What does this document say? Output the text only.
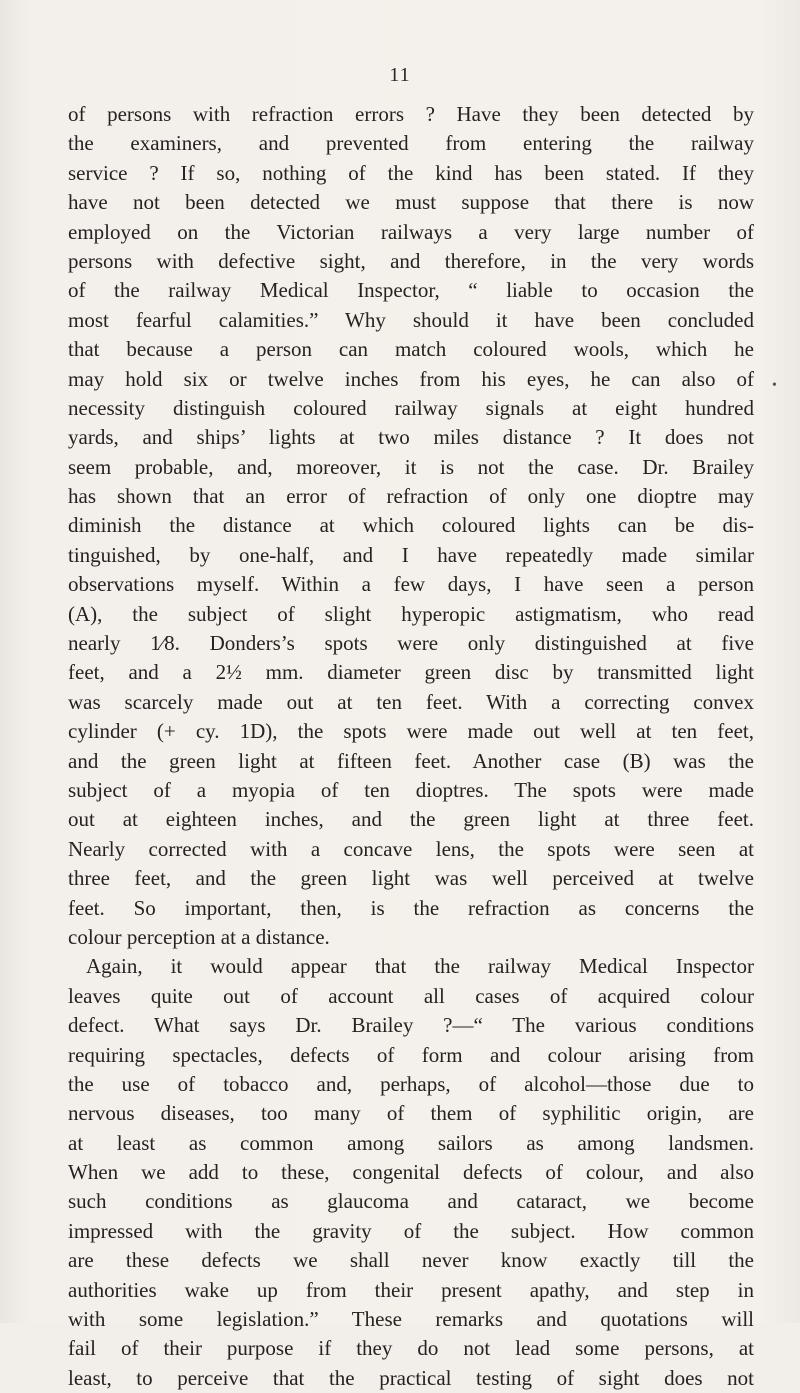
11
•
of persons with refraction errors ? Have they been detected by
the examiners, and prevented from entering the railway
service ? If so, nothing of the kind has been stated. If they
have not been detected we must suppose that there is now
employed on the Victorian railways a very large number of
persons with defective sight, and therefore, in the very words
of the railway Medical Inspector, “ liable to occasion the
most fearful calamities.” Why should it have been concluded
that because a person can match coloured wools, which he
may hold six or twelve inches from his eyes, he can also of
necessity distinguish coloured railway signals at eight hundred
yards, and ships’ lights at two miles distance ? It does not
seem probable, and, moreover, it is not the case. Dr. Brailey
has shown that an error of refraction of only one dioptre may
diminish the distance at which coloured lights can be dis-
tinguished, by one-half, and I have repeatedly made similar
observations myself. Within a few days, I have seen a person
(A), the subject of slight hyperopic astigmatism, who read
nearly 1⁄8. Donders’s spots were only distinguished at five
feet, and a 2½ mm. diameter green disc by transmitted light
was scarcely made out at ten feet. With a correcting convex
cylinder (+ cy. 1D), the spots were made out well at ten feet,
and the green light at fifteen feet. Another case (B) was the
subject of a myopia of ten dioptres. The spots were made
out at eighteen inches, and the green light at three feet.
Nearly corrected with a concave lens, the spots were seen at
three feet, and the green light was well perceived at twelve
feet. So important, then, is the refraction as concerns the
colour perception at a distance.
Again, it would appear that the railway Medical Inspector
leaves quite out of account all cases of acquired colour
defect. What says Dr. Brailey ?—“ The various conditions
requiring spectacles, defects of form and colour arising from
the use of tobacco and, perhaps, of alcohol—those due to
nervous diseases, too many of them of syphilitic origin, are
at least as common among sailors as among landsmen.
When we add to these, congenital defects of colour, and also
such conditions as glaucoma and cataract, we become
impressed with the gravity of the subject. How common
are these defects we shall never know exactly till the
authorities wake up from their present apathy, and step in
with some legislation.” These remarks and quotations will
fail of their purpose if they do not lead some persons, at
least, to perceive that the practical testing of sight does not
